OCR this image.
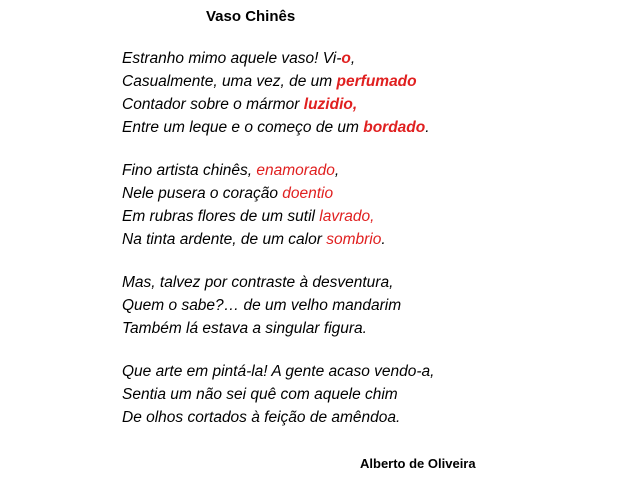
Vaso Chinês
Estranho mimo aquele vaso! Vi-o,
Casualmente, uma vez, de um perfumado
Contador sobre o mármor luzidio,
Entre um leque e o começo de um bordado.
Fino artista chinês, enamorado,
Nele pusera o coração doentio
Em rubras flores de um sutil lavrado,
Na tinta ardente, de um calor sombrio.
Mas, talvez por contraste à desventura,
Quem o sabe?… de um velho mandarim
Também lá estava a singular figura.
Que arte em pintá-la! A gente acaso vendo-a,
Sentia um não sei quê com aquele chim
De olhos cortados à feição de amêndoa.
Alberto de Oliveira
